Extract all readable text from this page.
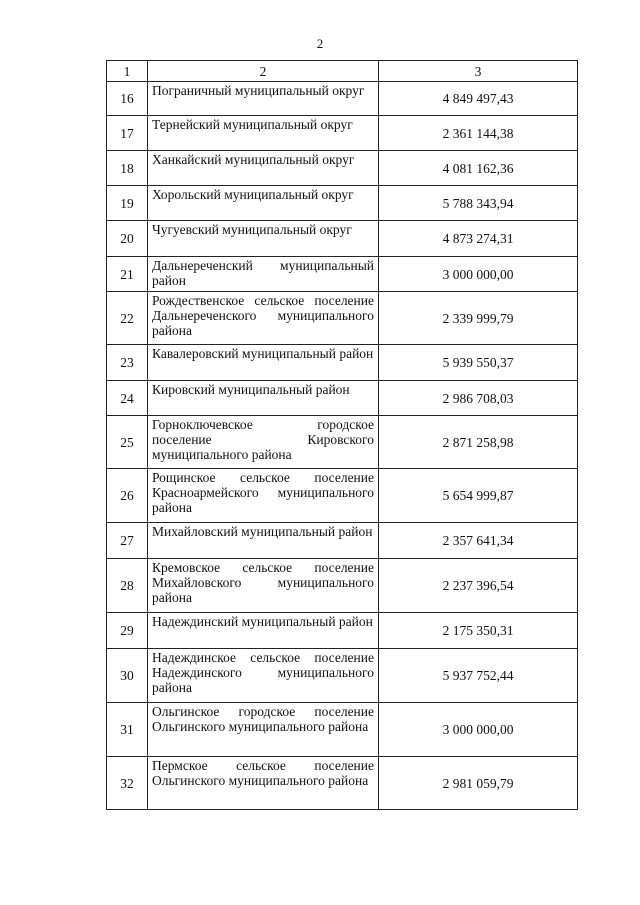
2
1	2	3
16	Пограничный муниципальный округ	4 849 497,43
17	Тернейский муниципальный округ	2 361 144,38
18	Ханкайский муниципальный округ	4 081 162,36
19	Хорольский муниципальный округ	5 788 343,94
20	Чугуевский муниципальный округ	4 873 274,31
21	Дальнереченский муниципальный район	3 000 000,00
22	Рождественское сельское поселение Дальнереченского муниципального района	2 339 999,79
23	Кавалеровский муниципальный район	5 939 550,37
24	Кировский муниципальный район	2 986 708,03
25	Горноключевское городское поселение Кировского муниципального района	2 871 258,98
26	Рощинское сельское поселение Красноармейского муниципального района	5 654 999,87
27	Михайловский муниципальный район	2 357 641,34
28	Кремовское сельское поселение Михайловского муниципального района	2 237 396,54
29	Надеждинский муниципальный район	2 175 350,31
30	Надеждинское сельское поселение Надеждинского муниципального района	5 937 752,44
31	Ольгинское городское поселение Ольгинского муниципального района	3 000 000,00
32	Пермское сельское поселение Ольгинского муниципального района	2 981 059,79
